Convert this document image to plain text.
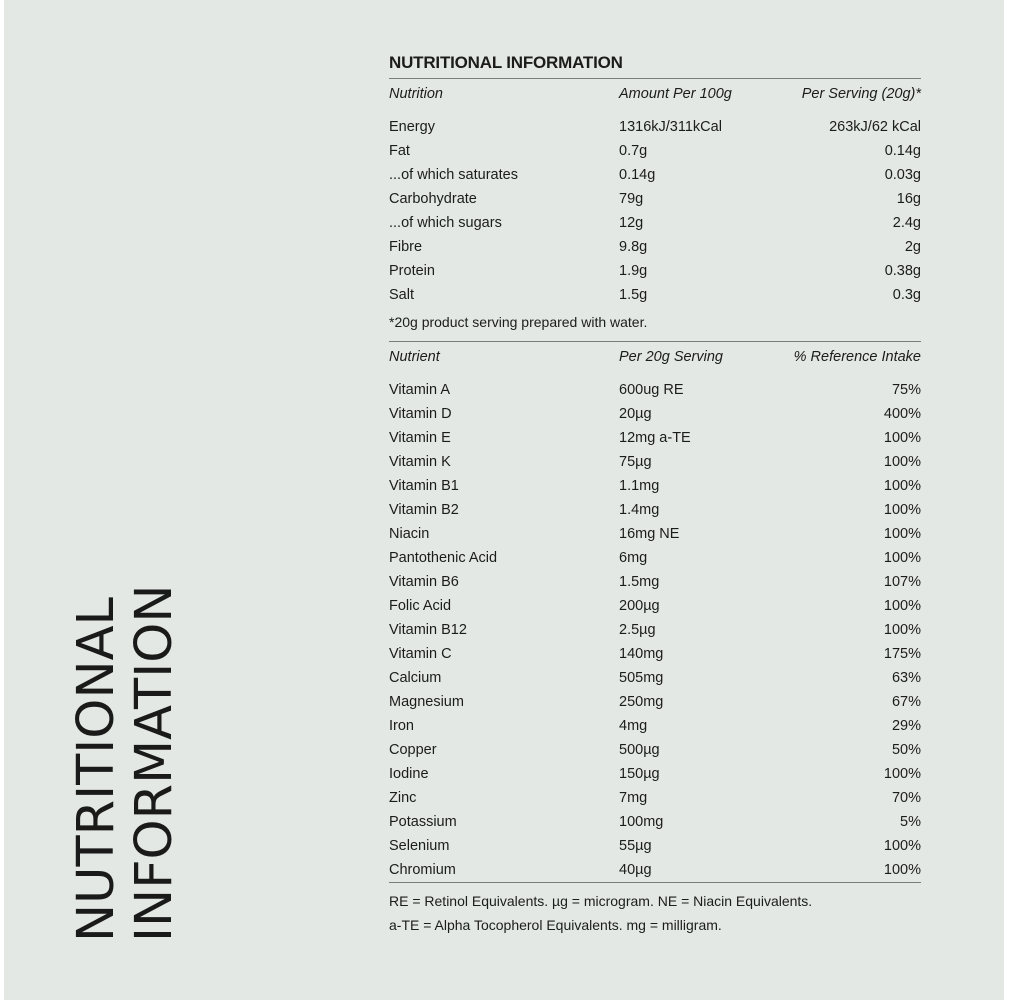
NUTRITIONAL INFORMATION
NUTRITIONAL INFORMATION
Nutrition	Amount Per 100g	Per Serving (20g)*
Energy	1316kJ/311kCal	263kJ/62 kCal
Fat	0.7g	0.14g
...of which saturates	0.14g	0.03g
Carbohydrate	79g	16g
...of which sugars	12g	2.4g
Fibre	9.8g	2g
Protein	1.9g	0.38g
Salt	1.5g	0.3g
*20g product serving prepared with water.
Nutrient	Per 20g Serving	% Reference Intake
Vitamin A	600ug RE	75%
Vitamin D	20µg	400%
Vitamin E	12mg a-TE	100%
Vitamin K	75µg	100%
Vitamin B1	1.1mg	100%
Vitamin B2	1.4mg	100%
Niacin	16mg NE	100%
Pantothenic Acid	6mg	100%
Vitamin B6	1.5mg	107%
Folic Acid	200µg	100%
Vitamin B12	2.5µg	100%
Vitamin C	140mg	175%
Calcium	505mg	63%
Magnesium	250mg	67%
Iron	4mg	29%
Copper	500µg	50%
Iodine	150µg	100%
Zinc	7mg	70%
Potassium	100mg	5%
Selenium	55µg	100%
Chromium	40µg	100%
RE = Retinol Equivalents. µg = microgram. NE = Niacin Equivalents.
a-TE = Alpha Tocopherol Equivalents. mg = milligram.
